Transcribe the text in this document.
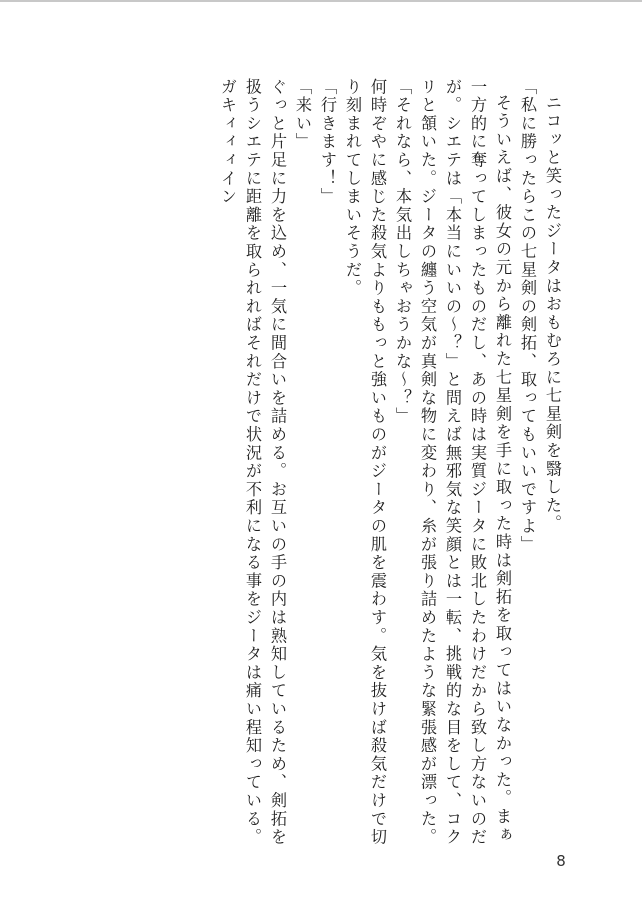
ニコッと笑ったジータはおもむろに七星剣を翳した。

「私に勝ったらこの七星剣の剣拓、取ってもいいですよ」

そういえば、彼女の元から離れた七星剣を手に取った時は剣拓を取ってはいなかった。まぁ一方的に奪ってしまったものだし、あの時は実質ジータに敗北したわけだから致し方ないのだが。シエテは「本当にいいの〜？」と問えば無邪気な笑顔とは一転、挑戦的な目をして、コクリと頷いた。ジータの纏う空気が真剣な物に変わり、糸が張り詰めたような緊張感が漂った。

「それなら、本気出しちゃおうかな〜？」

何時ぞやに感じた殺気よりももっと強いものがジータの肌を震わす。気を抜けば殺気だけで切り刻まれてしまいそうだ。

「行きます！」

「来い」

ぐっと片足に力を込め、一気に間合いを詰める。お互いの手の内は熟知しているため、剣拓を扱うシエテに距離を取られればそれだけで状況が不利になる事をジータは痛い程知っている。

ガキィィィイン

8
